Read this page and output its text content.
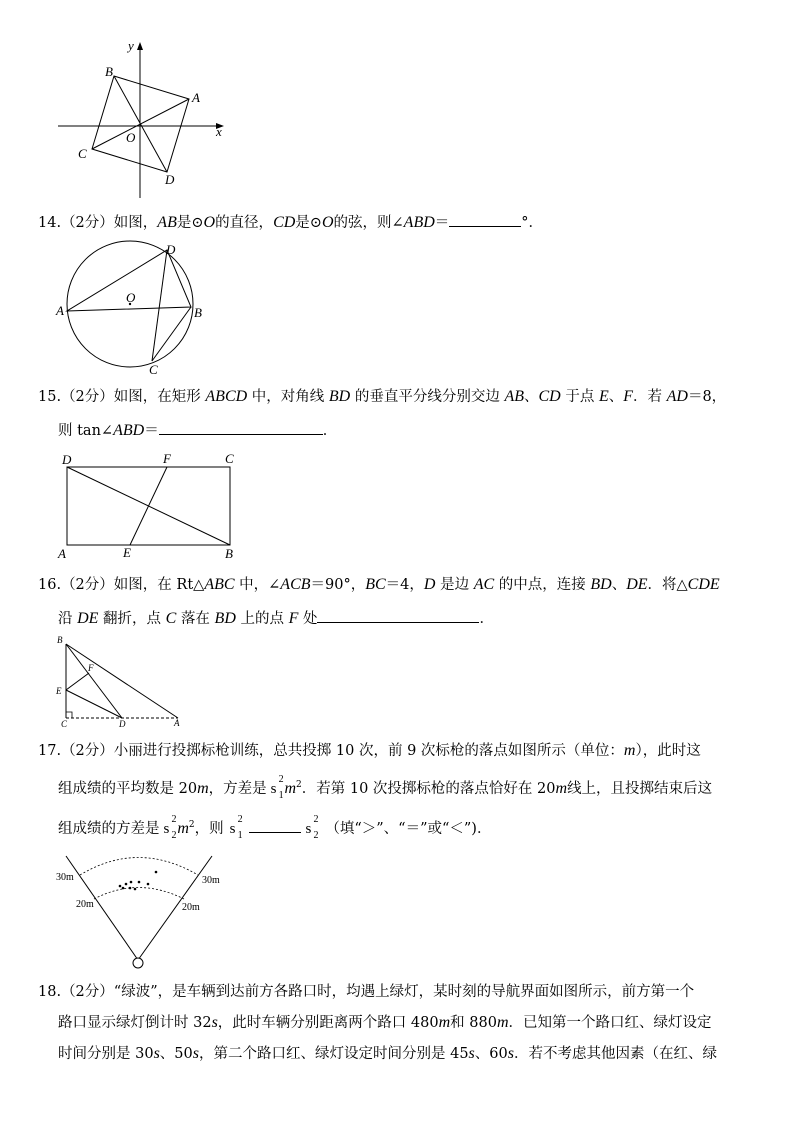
y
x
A
B
C
D
O
14.（2分）如图，AB是⊙O的直径，CD是⊙O的弦，则∠ABD＝	°．
A	B
C
D
O
15.（2分）如图，在矩形 ABCD 中，对角线 BD 的垂直平分线分别交边 AB、CD 于点 E、F．若 AD＝8，
则 tan∠ABD＝	．
D	F	C
A	E	B
16.（2分）如图，在 Rt△ABC 中，∠ACB＝90°，BC＝4，D 是边 AC 的中点，连接 BD、DE．将△CDE
沿 DE 翻折，点 C 落在 BD 上的点 F 处	．
B
F
E
C	D	A
17.（2分）小丽进行投掷标枪训练，总共投掷 10 次，前 9 次标枪的落点如图所示（单位：m），此时这
组成绩的平均数是 20m，方差是 s
2
1 $m^2$．若第 10 次投掷标枪的落点恰好在 20m线上，且投掷结束后这
组成绩的方差是 s
2
2 $m^2$，则 s
2
1	s
2
2 （填“＞”、“＝”或“＜”)．
30m	30m
20m	20m
18.（2分）“绿波”，是车辆到达前方各路口时，均遇上绿灯，某时刻的导航界面如图所示，前方第一个
路口显示绿灯倒计时 32s，此时车辆分别距离两个路口 480m和 880m．已知第一个路口红、绿灯设定
时间分别是 30s、50s，第二个路口红、绿灯设定时间分别是 45s、60s．若不考虑其他因素（在红、绿
